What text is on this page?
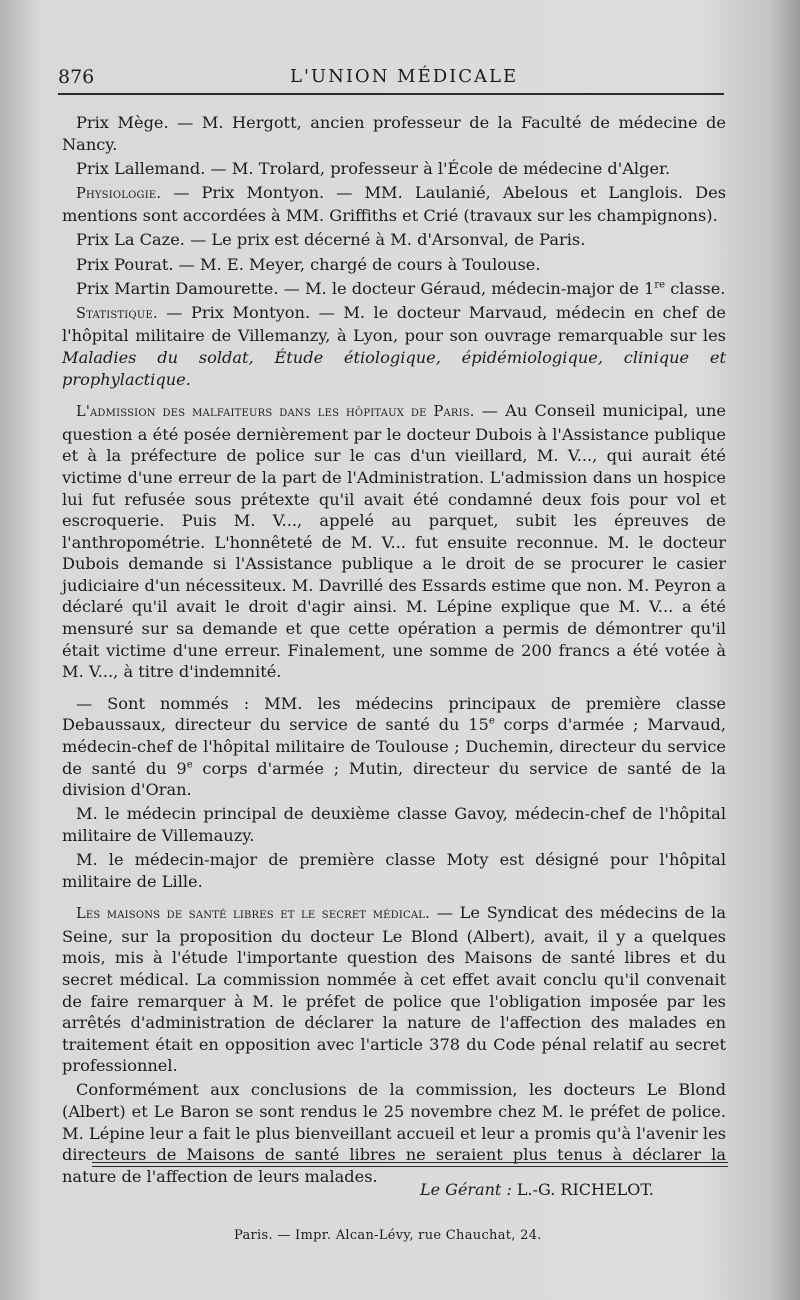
876	L'UNION MÉDICALE

Prix Mège. — M. Hergott, ancien professeur de la Faculté de médecine de Nancy.

Prix Lallemand. — M. Trolard, professeur à l'École de médecine d'Alger.

Physiologie. — Prix Montyon. — MM. Laulanié, Abelous et Langlois. Des mentions sont accordées à MM. Griffiths et Crié (travaux sur les champignons).

Prix La Caze. — Le prix est décerné à M. d'Arsonval, de Paris.

Prix Pourat. — M. E. Meyer, chargé de cours à Toulouse.

Prix Martin Damourette. — M. le docteur Géraud, médecin-major de 1re classe.

Statistique. — Prix Montyon. — M. le docteur Marvaud, médecin en chef de l'hôpital militaire de Villemanzy, à Lyon, pour son ouvrage remarquable sur les Maladies du soldat, Étude étiologique, épidémiologique, clinique et prophylactique.

L'admission des malfaiteurs dans les hôpitaux de Paris. — Au Conseil municipal, une question a été posée dernièrement par le docteur Dubois à l'Assistance publique et à la préfecture de police sur le cas d'un vieillard, M. V..., qui aurait été victime d'une erreur de la part de l'Administration. L'admission dans un hospice lui fut refusée sous prétexte qu'il avait été condamné deux fois pour vol et escroquerie. Puis M. V..., appelé au parquet, subit les épreuves de l'anthropométrie. L'honnêteté de M. V... fut ensuite reconnue. M. le docteur Dubois demande si l'Assistance publique a le droit de se procurer le casier judiciaire d'un nécessiteux. M. Davrillé des Essards estime que non. M. Peyron a déclaré qu'il avait le droit d'agir ainsi. M. Lépine explique que M. V... a été mensuré sur sa demande et que cette opération a permis de démontrer qu'il était victime d'une erreur. Finalement, une somme de 200 francs a été votée à M. V..., à titre d'indemnité.

— Sont nommés : MM. les médecins principaux de première classe Debaussaux, directeur du service de santé du 15e corps d'armée ; Marvaud, médecin-chef de l'hôpital militaire de Toulouse ; Duchemin, directeur du service de santé du 9e corps d'armée ; Mutin, directeur du service de santé de la division d'Oran.

M. le médecin principal de deuxième classe Gavoy, médecin-chef de l'hôpital militaire de Villemauzy.

M. le médecin-major de première classe Moty est désigné pour l'hôpital militaire de Lille.

Les maisons de santé libres et le secret médical. — Le Syndicat des médecins de la Seine, sur la proposition du docteur Le Blond (Albert), avait, il y a quelques mois, mis à l'étude l'importante question des Maisons de santé libres et du secret médical. La commission nommée à cet effet avait conclu qu'il convenait de faire remarquer à M. le préfet de police que l'obligation imposée par les arrêtés d'administration de déclarer la nature de l'affection des malades en traitement était en opposition avec l'article 378 du Code pénal relatif au secret professionnel.

Conformément aux conclusions de la commission, les docteurs Le Blond (Albert) et Le Baron se sont rendus le 25 novembre chez M. le préfet de police. M. Lépine leur a fait le plus bienveillant accueil et leur a promis qu'à l'avenir les directeurs de Maisons de santé libres ne seraient plus tenus à déclarer la nature de l'affection de leurs malades.

Le Gérant : L.-G. RICHELOT.
Paris. — Impr. Alcan-Lévy, rue Chauchat, 24.
